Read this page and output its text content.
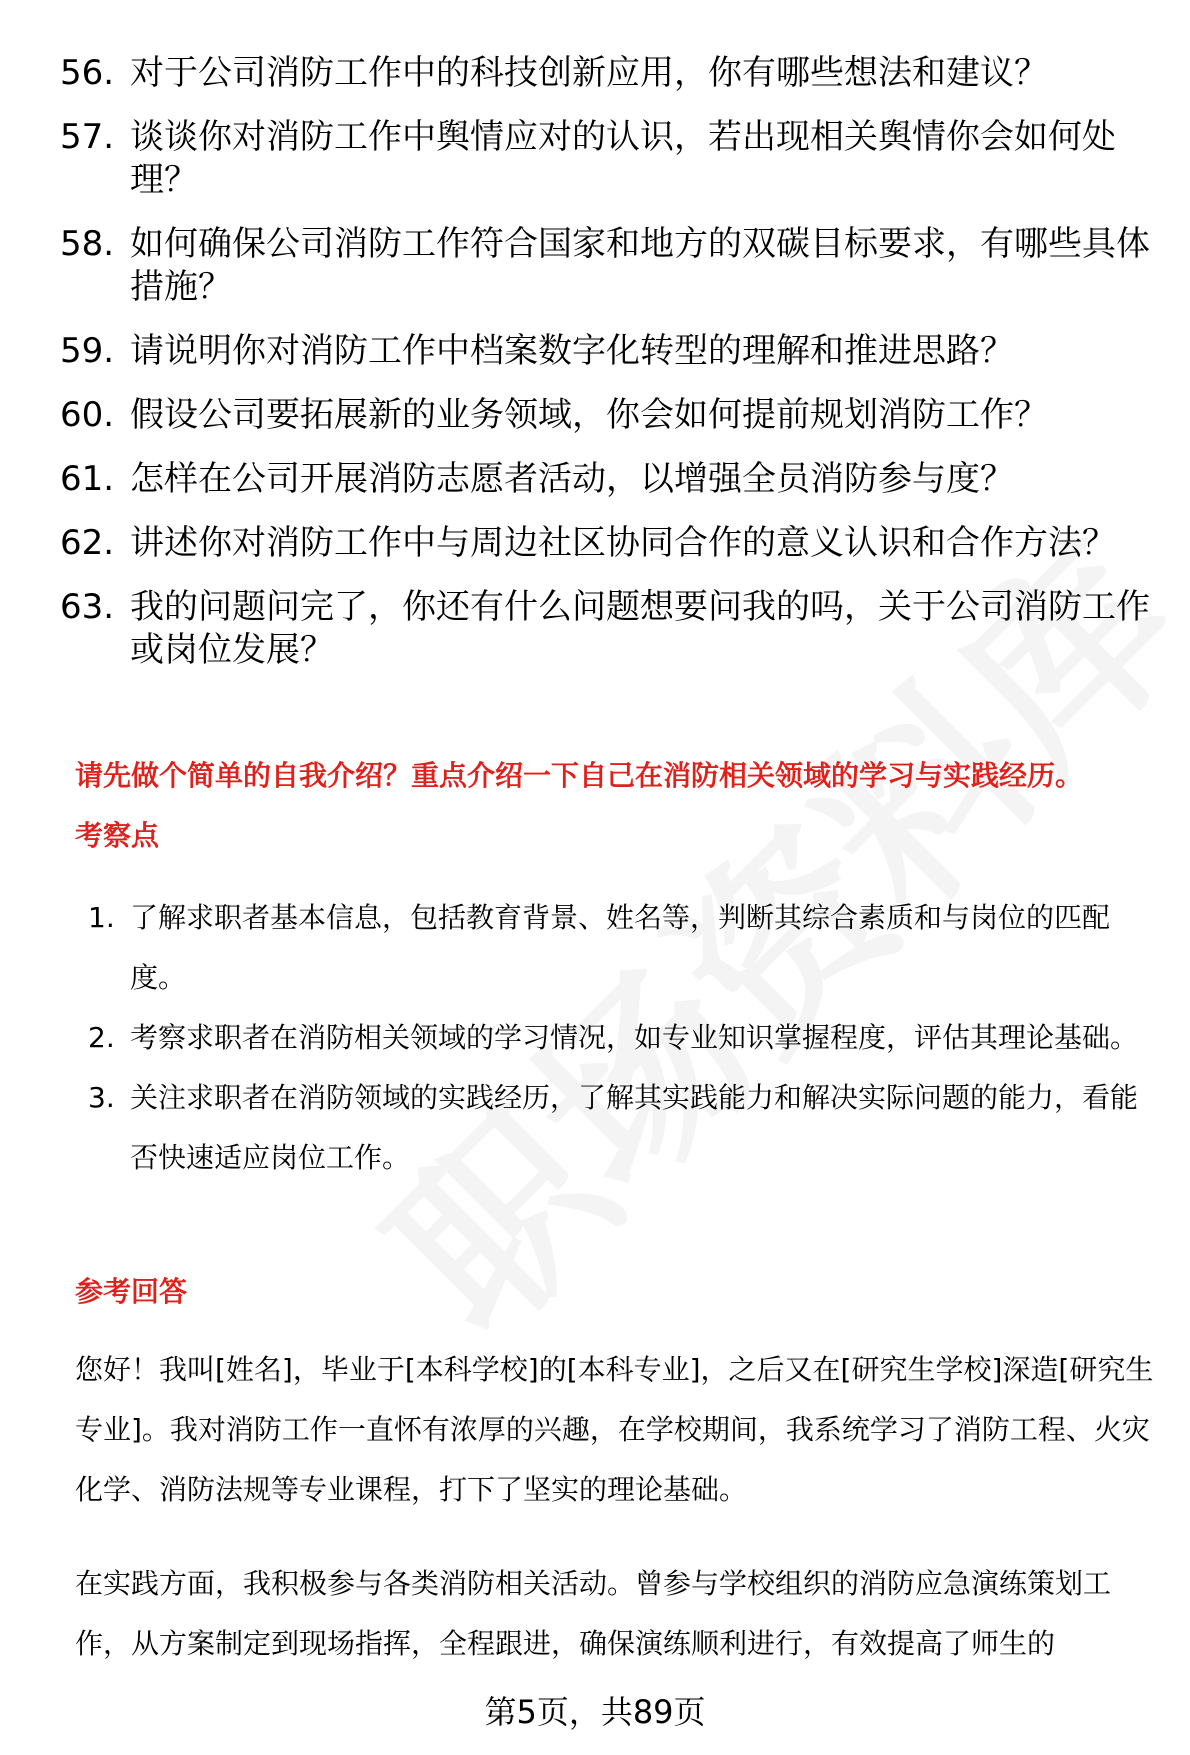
56. 对于公司消防工作中的科技创新应用，你有哪些想法和建议？
57. 谈谈你对消防工作中舆情应对的认识，若出现相关舆情你会如何处理？
58. 如何确保公司消防工作符合国家和地方的双碳目标要求，有哪些具体措施？
59. 请说明你对消防工作中档案数字化转型的理解和推进思路？
60. 假设公司要拓展新的业务领域，你会如何提前规划消防工作？
61. 怎样在公司开展消防志愿者活动，以增强全员消防参与度？
62. 讲述你对消防工作中与周边社区协同合作的意义认识和合作方法？
63. 我的问题问完了，你还有什么问题想要问我的吗，关于公司消防工作或岗位发展？
请先做个简单的自我介绍？重点介绍一下自己在消防相关领域的学习与实践经历。
考察点
1. 了解求职者基本信息，包括教育背景、姓名等，判断其综合素质和与岗位的匹配度。
2. 考察求职者在消防相关领域的学习情况，如专业知识掌握程度，评估其理论基础。
3. 关注求职者在消防领域的实践经历，了解其实践能力和解决实际问题的能力，看能否快速适应岗位工作。
参考回答
您好！我叫[姓名]，毕业于[本科学校]的[本科专业]，之后又在[研究生学校]深造[研究生专业]。我对消防工作一直怀有浓厚的兴趣，在学校期间，我系统学习了消防工程、火灾化学、消防法规等专业课程，打下了坚实的理论基础。
在实践方面，我积极参与各类消防相关活动。曾参与学校组织的消防应急演练策划工作，从方案制定到现场指挥，全程跟进，确保演练顺利进行，有效提高了师生的
第5页，共89页
